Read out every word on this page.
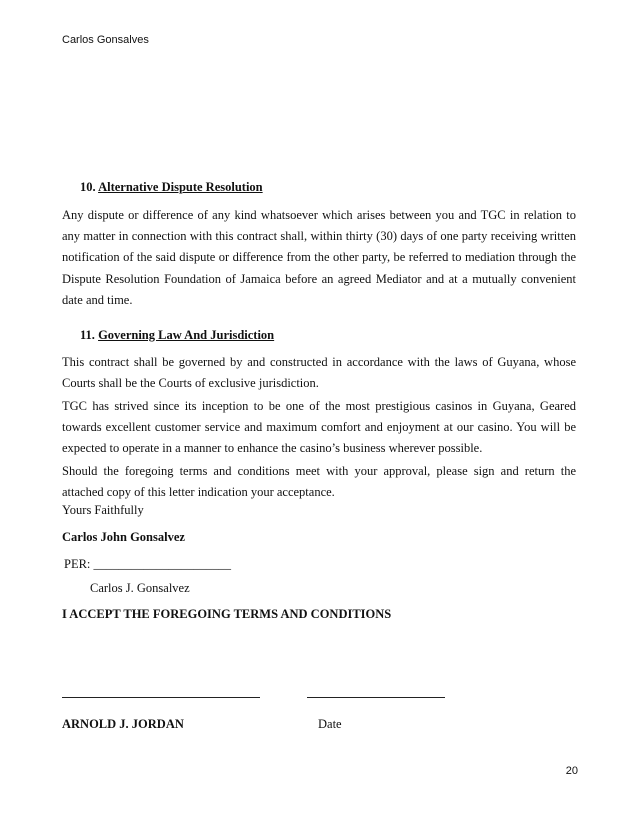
Carlos Gonsalves
10. Alternative Dispute Resolution
Any dispute or difference of any kind whatsoever which arises between you and TGC in relation to any matter in connection with this contract shall, within thirty (30) days of one party receiving written notification of the said dispute or difference from the other party, be referred to mediation through the Dispute Resolution Foundation of Jamaica before an agreed Mediator and at a mutually convenient date and time.
11. Governing Law And Jurisdiction
This contract shall be governed by and constructed in accordance with the laws of Guyana, whose Courts shall be the Courts of exclusive jurisdiction.
TGC has strived since its inception to be one of the most prestigious casinos in Guyana, Geared towards excellent customer service and maximum comfort and enjoyment at our casino. You will be expected to operate in a manner to enhance the casino’s business wherever possible.
Should the foregoing terms and conditions meet with your approval, please sign and return the attached copy of this letter indication your acceptance.
Yours Faithfully
Carlos John Gonsalvez
PER: ______________________
Carlos J. Gonsalvez
I ACCEPT THE FOREGOING TERMS AND CONDITIONS
ARNOLD J. JORDAN	Date
20
